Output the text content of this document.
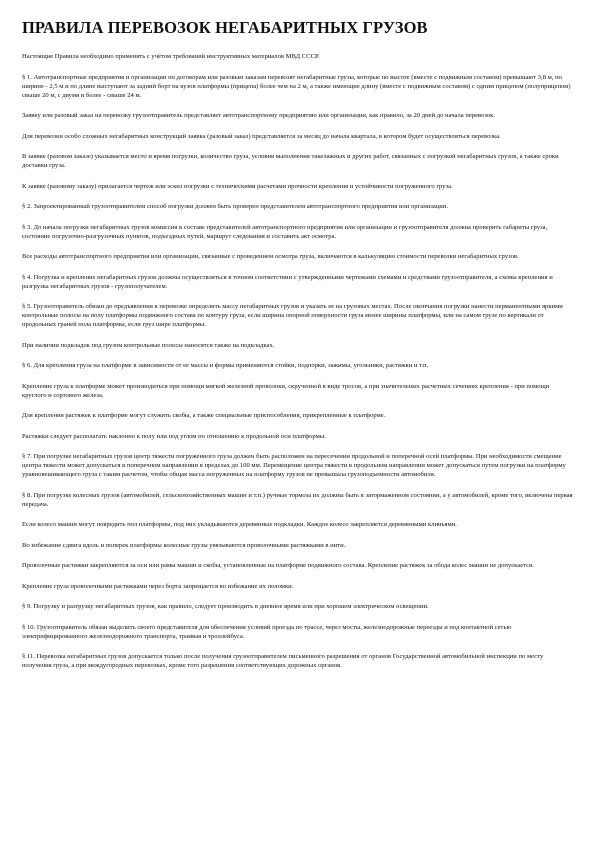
ПРАВИЛА ПЕРЕВОЗОК НЕГАБАРИТНЫХ ГРУЗОВ

Настоящие Правила необходимо применять с учётом требований инструктивных материалов МВД СССР.

§ 1. Автотранспортные предприятия и организации по договорам или разовым заказам перевозят негабаритные грузы, которые по высоте (вместе с подвижным составом) превышают 3,8 м, по ширине - 2,5 м и по длине выступают за задний борт на кузов платформы (прицепа) более чем на 2 м, а также имеющие длину (вместе с подвижным составом) с одним прицепом (полуприцепом) свыше 20 м, с двумя и более - свыше 24 м.

Заявку или разовый заказ на перевозку грузоотправитель представляет автотранспортному предприятию или организации, как правило, за 20 дней до начала перевозок.

Для перевозки особо сложных негабаритных конструкций заявка (разовый заказ) представляется за месяц до начала квартала, в котором будет осуществляться перевозка.

В заявке (разовом заказе) указывается место и время погрузки, количество груза, условия выполнения такелажных и других работ, связанных с погрузкой негабаритных грузов, а также сроки доставки груза.

К заявке (разовому заказу) прилагается чертеж или эскиз погрузки с техническими расчетами прочности крепления и устойчивости погруженного груза.

§ 2. Запроектированный грузоотправителем способ погрузки должен быть проверен представителем автотранспортного предприятия или организации.

§ 3. До начала погрузки негабаритных грузов комиссия в составе представителей автотранспортного предприятия или организации и грузоотправителя должна проверить габариты груза, состояние погрузочно-разгрузочных пунктов, подъездных путей, маршрут следования и составить акт осмотра.

Все расходы автотранспортного предприятия или организации, связанные с проведением осмотра груза, включаются в калькуляцию стоимости перевозки негабаритных грузов.

§ 4. Погрузка и крепление негабаритных грузов должны осуществляться в точном соответствии с утвержденными чертежами схемами и средствами грузоотправителя, а схемы крепления и разгрузка негабаритных грузов - грузополучателем.

§ 5. Грузоотправитель обязан до предъявления к перевозке определить массу негабаритных грузов и указать ее на грузовых местах. После окончания погрузки нанести перманентными яркими контрольные полосы на полу платформы подвижного состава по контуру груза, если ширина опорной поверхности груза менее ширины платформы, или на самом грузе по вертикали от продольных граней пола платформы, если груз шире платформы.

При наличии подкладок под грузом контрольные полосы наносятся также на подкладках.

§ 6. Для крепления груза на платформе в зависимости от ее массы и формы применяются стойки, подпорки, зажимы, угольники, растяжки и т.п.

Крепление груза к платформе может производиться при помощи мягкой железной проволоки, скрученной в виде тросов, а при значительных расчетных сечениях крепления - при помощи круглого и сортового железа.

Для крепления растяжек к платформе могут служить скобы, а также специальные приспособления, прикрепленные к платформе.

Растяжки следует располагать наклонно к полу или под углом по отношению к продольной оси платформы.

§ 7. При погрузке негабаритных грузов центр тяжести погруженного груза должен быть расположен на пересечении продольной и поперечной осей платформы. При необходимости смещение центра тяжести может допускаться в поперечном направлении в пределах до 100 мм. Перемещение центра тяжести в продольном направлении может допускаться путем погрузки на платформу уравновешивающего груза с таким расчетом, чтобы общая масса погруженных на платформу грузов не превышала грузоподъемности автомобиля.

§ 8. При погрузке колесных грузов (автомобилей, сельскохозяйственных машин и т.п.) ручные тормоза их должны быть в затормаженном состоянии, а у автомобилей, кроме того, включена первая передача.

Если колесо машин могут повредить пол платформы, под них укладываются деревянные подкладки. Каждое колесо закрепляется деревянными клиньями.

Во избежание сдвига вдоль и поперек платформы колесные грузы увязываются проволочными растяжками в нити.

Проволочные растяжки закрепляются за оси или рамы машин и скобы, установленные на платформе подвижного состава. Крепление растяжек за обода колес машин не допускается.

Крепление груза проволочными растяжками через борта запрещается во избежание их поломки.

§ 9. Погрузку и разгрузку негабаритных грузов, как правило, следует производить в дневное время или при хорошем электрическом освещении.

§ 10. Грузоотправитель обязан выделить своего представителя для обеспечения условий проезда по трассе, через мосты, железнодорожные переезды и под контактной сетью электрифицированного железнодорожного транспорта, трамвая и троллейбуса.

§ 11. Перевозка негабаритных грузов допускается только после получения грузоотправителем письменного разрешения от органов Государственной автомобильной инспекции по месту получения груза, а при междугородных перевозках, кроме того разрешения соответствующих дорожных органов.
